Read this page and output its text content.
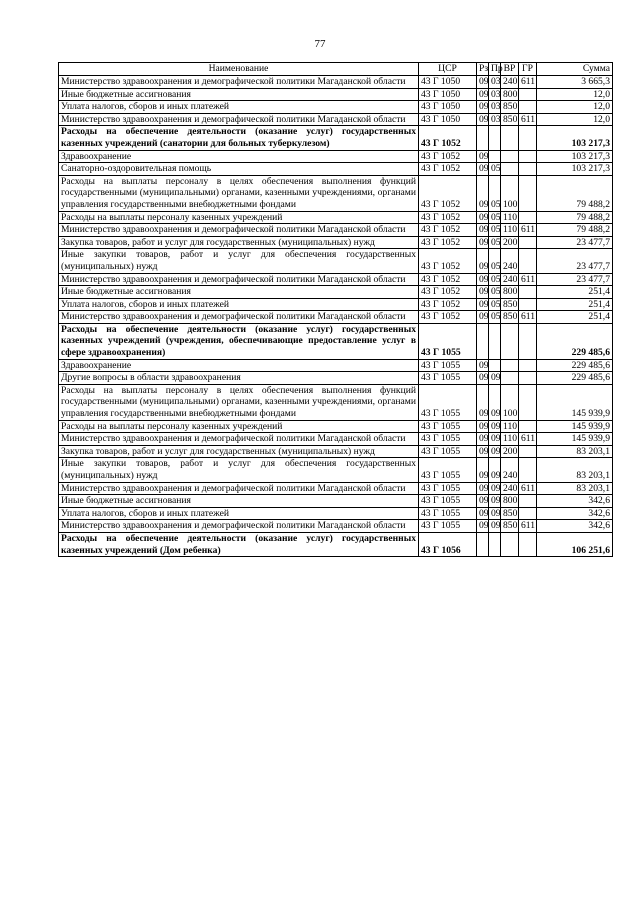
77
Наименование	ЦСР	Рз	Пр	ВР	ГР	Сумма
Министерство здравоохранения и демографической политики Магаданской области	43 Г 1050	09	03	240	611	3 665,3
Иные бюджетные ассигнования	43 Г 1050	09	03	800		12,0
Уплата налогов, сборов и иных платежей	43 Г 1050	09	03	850		12,0
Министерство здравоохранения и демографической политики Магаданской области	43 Г 1050	09	03	850	611	12,0
Расходы на обеспечение деятельности (оказание услуг) государственных казенных учреждений (санатории для больных туберкулезом)	43 Г 1052					103 217,3
Здравоохранение	43 Г 1052	09				103 217,3
Санаторно-оздоровительная помощь	43 Г 1052	09	05			103 217,3
Расходы на выплаты персоналу в целях обеспечения выполнения функций государственными (муниципальными) органами, казенными учреждениями, органами управления государственными внебюджетными фондами	43 Г 1052	09	05	100		79 488,2
Расходы на выплаты персоналу казенных учреждений	43 Г 1052	09	05	110		79 488,2
Министерство здравоохранения и демографической политики Магаданской области	43 Г 1052	09	05	110	611	79 488,2
Закупка товаров, работ и услуг для государственных (муниципальных) нужд	43 Г 1052	09	05	200		23 477,7
Иные закупки товаров, работ и услуг для обеспечения государственных (муниципальных) нужд	43 Г 1052	09	05	240		23 477,7
Министерство здравоохранения и демографической политики Магаданской области	43 Г 1052	09	05	240	611	23 477,7
Иные бюджетные ассигнования	43 Г 1052	09	05	800		251,4
Уплата налогов, сборов и иных платежей	43 Г 1052	09	05	850		251,4
Министерство здравоохранения и демографической политики Магаданской области	43 Г 1052	09	05	850	611	251,4
Расходы на обеспечение деятельности (оказание услуг) государственных казенных учреждений (учреждения, обеспечивающие предоставление услуг в сфере здравоохранения)	43 Г 1055					229 485,6
Здравоохранение	43 Г 1055	09				229 485,6
Другие вопросы в области здравоохранения	43 Г 1055	09	09			229 485,6
Расходы на выплаты персоналу в целях обеспечения выполнения функций государственными (муниципальными) органами, казенными учреждениями, органами управления государственными внебюджетными фондами	43 Г 1055	09	09	100		145 939,9
Расходы на выплаты персоналу казенных учреждений	43 Г 1055	09	09	110		145 939,9
Министерство здравоохранения и демографической политики Магаданской области	43 Г 1055	09	09	110	611	145 939,9
Закупка товаров, работ и услуг для государственных (муниципальных) нужд	43 Г 1055	09	09	200		83 203,1
Иные закупки товаров, работ и услуг для обеспечения государственных (муниципальных) нужд	43 Г 1055	09	09	240		83 203,1
Министерство здравоохранения и демографической политики Магаданской области	43 Г 1055	09	09	240	611	83 203,1
Иные бюджетные ассигнования	43 Г 1055	09	09	800		342,6
Уплата налогов, сборов и иных платежей	43 Г 1055	09	09	850		342,6
Министерство здравоохранения и демографической политики Магаданской области	43 Г 1055	09	09	850	611	342,6
Расходы на обеспечение деятельности (оказание услуг) государственных казенных учреждений (Дом ребенка)	43 Г 1056					106 251,6
